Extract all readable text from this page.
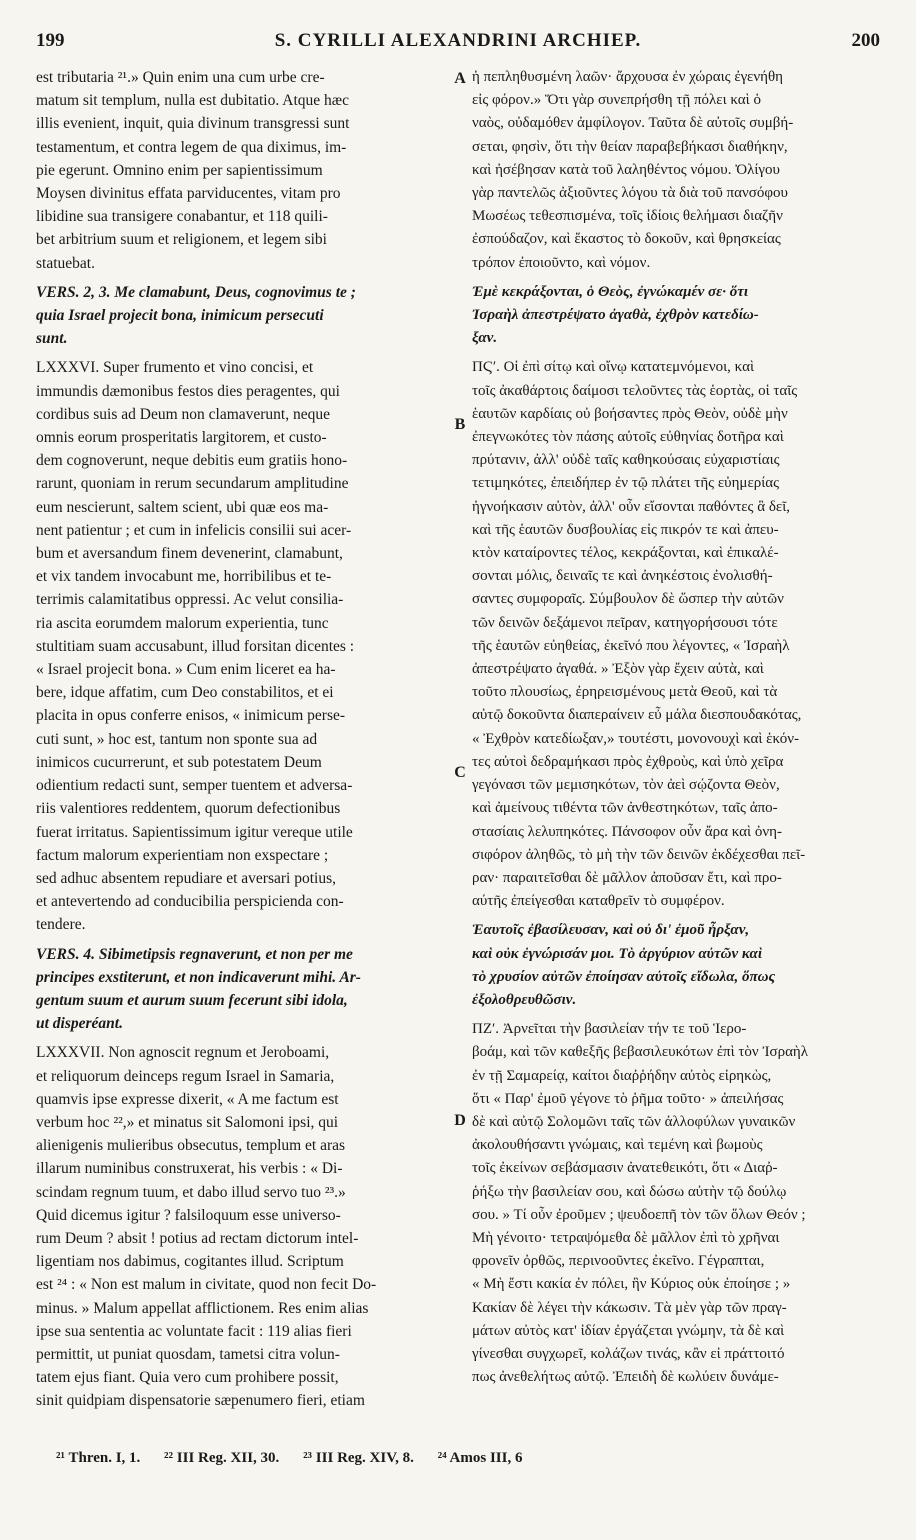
199	S. CYRILLI ALEXANDRINI ARCHIEP.	200

est tributaria ²¹.» Quin enim una cum urbe cre-
matum sit templum, nulla est dubitatio. Atque hæc
illis evenient, inquit, quia divinum transgressi sunt
testamentum, et contra legem de qua diximus, im-
pie egerunt. Omnino enim per sapientissimum
Moysen divinitus effata parviducentes, vitam pro
libidine sua transigere conabantur, et 118 quili-
bet arbitrium suum et religionem, et legem sibi
statuebat.

VERS. 2, 3. Me clamabunt, Deus, cognovimus te ;
quia Israel projecit bona, inimicum persecuti
sunt.

LXXXVI. Super frumento et vino concisi, et
immundis dæmonibus festos dies peragentes, qui
cordibus suis ad Deum non clamaverunt, neque
omnis eorum prosperitatis largitorem, et custo-
dem cognoverunt, neque debitis eum gratiis hono-
rarunt, quoniam in rerum secundarum amplitudine
eum nescierunt, saltem scient, ubi quæ eos ma-
nent patientur ; et cum in infelicis consilii sui acer-
bum et aversandum finem devenerint, clamabunt,
et vix tandem invocabunt me, horribilibus et te-
terrimis calamitatibus oppressi. Ac velut consilia-
ria ascita eorumdem malorum experientia, tunc
stultitiam suam accusabunt, illud forsitan dicentes :
« Israel projecit bona. » Cum enim liceret ea ha-
bere, idque affatim, cum Deo constabilitos, et ei
placita in opus conferre enisos, « inimicum perse-
cuti sunt, » hoc est, tantum non sponte sua ad
inimicos cucurrerunt, et sub potestatem Deum
odientium redacti sunt, semper tuentem et adversa-
riis valentiores reddentem, quorum defectionibus
fuerat irritatus. Sapientissimum igitur vereque utile
factum malorum experientiam non exspectare ;
sed adhuc absentem repudiare et aversari potius,
et antevertendo ad conducibilia perspicienda con-
tendere.

VERS. 4. Sibimetipsis regnaverunt, et non per me
principes exstiterunt, et non indicaverunt mihi. Ar-
gentum suum et aurum suum fecerunt sibi idola,
ut disperéant.

LXXXVII. Non agnoscit regnum et Jeroboami,
et reliquorum deinceps regum Israel in Samaria,
quamvis ipse expresse dixerit, « A me factum est
verbum hoc ²²,» et minatus sit Salomoni ipsi, qui
alienigenis mulieribus obsecutus, templum et aras
illarum numinibus construxerat, his verbis : « Di-
scindam regnum tuum, et dabo illud servo tuo ²³.»
Quid dicemus igitur ? falsiloquum esse universo-
rum Deum ? absit ! potius ad rectam dictorum intel-
ligentiam nos dabimus, cogitantes illud. Scriptum
est ²⁴ : « Non est malum in civitate, quod non fecit Do-
minus. » Malum appellat afflictionem. Res enim alias
ipse sua sententia ac voluntate facit : 119 alias fieri
permittit, ut puniat quosdam, tametsi citra volun-
tatem ejus fiant. Quia vero cum prohibere possit,
sinit quidpiam dispensatorie sæpenumero fieri, etiam

A
B
C
D

ἡ πεπληθυσμένη λαῶν· ἄρχουσα ἐν χώραις ἐγενήθη
εἰς φόρον.» Ὅτι γὰρ συνεπρήσθη τῇ πόλει καὶ ὁ
ναὸς, οὐδαμόθεν ἀμφίλογον. Ταῦτα δὲ αὐτοῖς συμβή-
σεται, φησὶν, ὅτι τὴν θείαν παραβεβήκασι διαθήκην,
καὶ ἠσέβησαν κατὰ τοῦ λαληθέντος νόμου. Ὀλίγου
γὰρ παντελῶς ἀξιοῦντες λόγου τὰ διὰ τοῦ πανσόφου
Μωσέως τεθεσπισμένα, τοῖς ἰδίοις θελήμασι διαζῆν
ἐσπούδαζον, καὶ ἕκαστος τὸ δοκοῦν, καὶ θρησκείας
τρόπον ἐποιοῦντο, καὶ νόμον.

Ἐμὲ κεκράξονται, ὁ Θεὸς, ἐγνώκαμέν σε· ὅτι
Ἰσραὴλ ἀπεστρέψατο ἀγαθὰ, ἐχθρὸν κατεδίω-
ξαν.

ΠϚʹ. Οἱ ἐπὶ σίτῳ καὶ οἴνῳ κατατεμνόμενοι, καὶ
τοῖς ἀκαθάρτοις δαίμοσι τελοῦντες τὰς ἑορτὰς, οἱ ταῖς
ἑαυτῶν καρδίαις οὐ βοήσαντες πρὸς Θεὸν, οὐδὲ μὴν
ἐπεγνωκότες τὸν πάσης αὐτοῖς εὐθηνίας δοτῆρα καὶ
πρύτανιν, ἀλλ' οὐδὲ ταῖς καθηκούσαις εὐχαριστίαις
τετιμηκότες, ἐπειδήπερ ἐν τῷ πλάτει τῆς εὐημερίας
ἠγνοήκασιν αὐτὸν, ἀλλ' οὖν εἴσονται παθόντες ἃ δεῖ,
καὶ τῆς ἑαυτῶν δυσβουλίας εἰς πικρόν τε καὶ ἀπευ-
κτὸν καταίροντες τέλος, κεκράξονται, καὶ ἐπικαλέ-
σονται μόλις, δειναῖς τε καὶ ἀνηκέστοις ἐνολισθή-
σαντες συμφοραῖς. Σύμβουλον δὲ ὥσπερ τὴν αὐτῶν
τῶν δεινῶν δεξάμενοι πεῖραν, κατηγορήσουσι τότε
τῆς ἑαυτῶν εὐηθείας, ἐκεῖνό που λέγοντες, « Ἰσραὴλ
ἀπεστρέψατο ἀγαθά. » Ἐξὸν γὰρ ἔχειν αὐτὰ, καὶ
τοῦτο πλουσίως, ἐρηρεισμένους μετὰ Θεοῦ, καὶ τὰ
αὐτῷ δοκοῦντα διαπεραίνειν εὖ μάλα διεσπουδακότας,
« Ἐχθρὸν κατεδίωξαν,» τουτέστι, μονονουχὶ καὶ ἑκόν-
τες αὐτοὶ δεδραμήκασι πρὸς ἐχθροὺς, καὶ ὑπὸ χεῖρα
γεγόνασι τῶν μεμισηκότων, τὸν ἀεὶ σῴζοντα Θεὸν,
καὶ ἀμείνους τιθέντα τῶν ἀνθεστηκότων, ταῖς ἀπο-
στασίαις λελυπηκότες. Πάνσοφον οὖν ἄρα καὶ ὀνη-
σιφόρον ἀληθῶς, τὸ μὴ τὴν τῶν δεινῶν ἐκδέχεσθαι πεῖ-
ραν· παραιτεῖσθαι δὲ μᾶλλον ἀποῦσαν ἔτι, καὶ προ-
αύτῆς ἐπείγεσθαι καταθρεῖν τὸ συμφέρον.

Ἑαυτοῖς ἐβασίλευσαν, καὶ οὐ δι' ἐμοῦ ἦρξαν,
καὶ οὐκ ἐγνώρισάν μοι. Τὸ ἀργύριον αὐτῶν καὶ
τὸ χρυσίον αὐτῶν ἐποίησαν αὐτοῖς εἴδωλα, ὅπως
ἐξολοθρευθῶσιν.

ΠΖʹ. Ἀρνεῖται τὴν βασιλείαν τήν τε τοῦ Ἱερο-
βοάμ, καὶ τῶν καθεξῆς βεβασιλευκότων ἐπὶ τὸν Ἰσραὴλ
ἐν τῇ Σαμαρείᾳ, καίτοι διαῤῥήδην αὐτὸς εἰρηκὼς,
ὅτι « Παρ' ἐμοῦ γέγονε τὸ ῥῆμα τοῦτο· » ἀπειλήσας
δὲ καὶ αὐτῷ Σολομῶνι ταῖς τῶν ἀλλοφύλων γυναικῶν
ἀκολουθήσαντι γνώμαις, καὶ τεμένη καὶ βωμοὺς
τοῖς ἐκείνων σεβάσμασιν ἀνατεθεικότι, ὅτι « Διαῤ-
ῥήξω τὴν βασιλείαν σου, καὶ δώσω αὐτὴν τῷ δούλῳ
σου. » Τί οὖν ἐροῦμεν ; ψευδοεπῆ τὸν τῶν ὅλων Θεόν ;
Μὴ γένοιτο· τετραψόμεθα δὲ μᾶλλον ἐπὶ τὸ χρῆναι
φρονεῖν ὀρθῶς, περινοοῦντες ἐκεῖνο. Γέγραπται,
« Μὴ ἔστι κακία ἐν πόλει, ἣν Κύριος οὐκ ἐποίησε ; »
Κακίαν δὲ λέγει τὴν κάκωσιν. Τὰ μὲν γὰρ τῶν πραγ-
μάτων αὐτὸς κατ' ἰδίαν ἐργάζεται γνώμην, τὰ δὲ καὶ
γίνεσθαι συγχωρεῖ, κολάζων τινάς, κἂν εἰ πράττοιτό
πως ἀνεθελήτως αὐτῷ. Ἐπειδὴ δὲ κωλύειν δυνάμε-

²¹ Thren. I, 1. ²² III Reg. XII, 30. ²³ III Reg. XIV, 8. ²⁴ Amos III, 6
